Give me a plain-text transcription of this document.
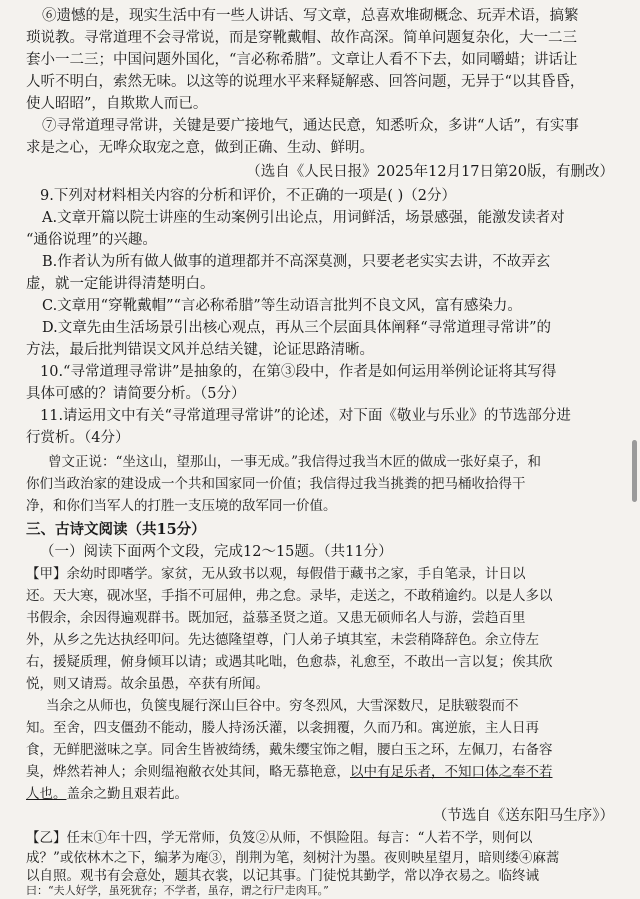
⑥遗憾的是，现实生活中有一些人讲话、写文章，总喜欢堆砌概念、玩弄术语，搞繁
琐说教。寻常道理不会寻常说，而是穿靴戴帽、故作高深。简单问题复杂化，大一二三
套小一二三；中国问题外国化，“言必称希腊”。文章让人看不下去，如同嚼蜡；讲话让
人听不明白，索然无味。以这等的说理水平来释疑解惑、回答问题，无异于“以其昏昏，
使人昭昭”，自欺欺人而已。
⑦寻常道理寻常讲，关键是要广接地气，通达民意，知悉听众，多讲“人话”，有实事
求是之心，无哗众取宠之意，做到正确、生动、鲜明。
（选自《人民日报》2025年12月17日第20版，有删改）
9.下列对材料相关内容的分析和评价，不正确的一项是( )（2分）
A.文章开篇以院士讲座的生动案例引出论点，用词鲜活，场景感强，能激发读者对
“通俗说理”的兴趣。
B.作者认为所有做人做事的道理都并不高深莫测，只要老老实实去讲，不故弄玄
虚，就一定能讲得清楚明白。
C.文章用“穿靴戴帽”“言必称希腊”等生动语言批判不良文风，富有感染力。
D.文章先由生活场景引出核心观点，再从三个层面具体阐释“寻常道理寻常讲”的
方法，最后批判错误文风并总结关键，论证思路清晰。
10.“寻常道理寻常讲”是抽象的，在第③段中，作者是如何运用举例论证将其写得
具体可感的？请简要分析。（5分）
11.请运用文中有关“寻常道理寻常讲”的论述，对下面《敬业与乐业》的节选部分进
行赏析。（4分）
曾文正说：“坐这山，望那山，一事无成。”我信得过我当木匠的做成一张好桌子，和
你们当政治家的建设成一个共和国家同一价值；我信得过我当挑粪的把马桶收拾得干
净，和你们当军人的打胜一支压境的敌军同一价值。
三、古诗文阅读（共15分）
（一）阅读下面两个文段，完成12～15题。（共11分）
【甲】余幼时即嗜学。家贫，无从致书以观，每假借于藏书之家，手自笔录，计日以
还。天大寒，砚冰坚，手指不可屈伸，弗之怠。录毕，走送之，不敢稍逾约。以是人多以
书假余，余因得遍观群书。既加冠，益慕圣贤之道。又患无硕师名人与游，尝趋百里
外，从乡之先达执经叩问。先达德隆望尊，门人弟子填其室，未尝稍降辞色。余立侍左
右，援疑质理，俯身倾耳以请；或遇其叱咄，色愈恭，礼愈至，不敢出一言以复；俟其欣
悦，则又请焉。故余虽愚，卒获有所闻。
当余之从师也，负箧曳屣行深山巨谷中。穷冬烈风，大雪深数尺，足肤皲裂而不
知。至舍，四支僵劲不能动，媵人持汤沃灌，以衾拥覆，久而乃和。寓逆旅，主人日再
食，无鲜肥滋味之享。同舍生皆被绮绣，戴朱缨宝饰之帽，腰白玉之环，左佩刀，右备容
臭，烨然若神人；余则缊袍敝衣处其间，略无慕艳意，以中有足乐者，不知口体之奉不若
人也。盖余之勤且艰若此。
（节选自《送东阳马生序》）
【乙】任末①年十四，学无常师，负笈②从师，不惧险阻。每言：“人若不学，则何以
成？”或依林木之下，编茅为庵③，削荆为笔，刻树汁为墨。夜则映星望月，暗则缕④麻蒿
以自照。观书有会意处，题其衣裳，以记其事。门徒悦其勤学，常以净衣易之。临终诫
曰：“夫人好学，虽死犹存；不学者，虽存，谓之行尸走肉耳。”
